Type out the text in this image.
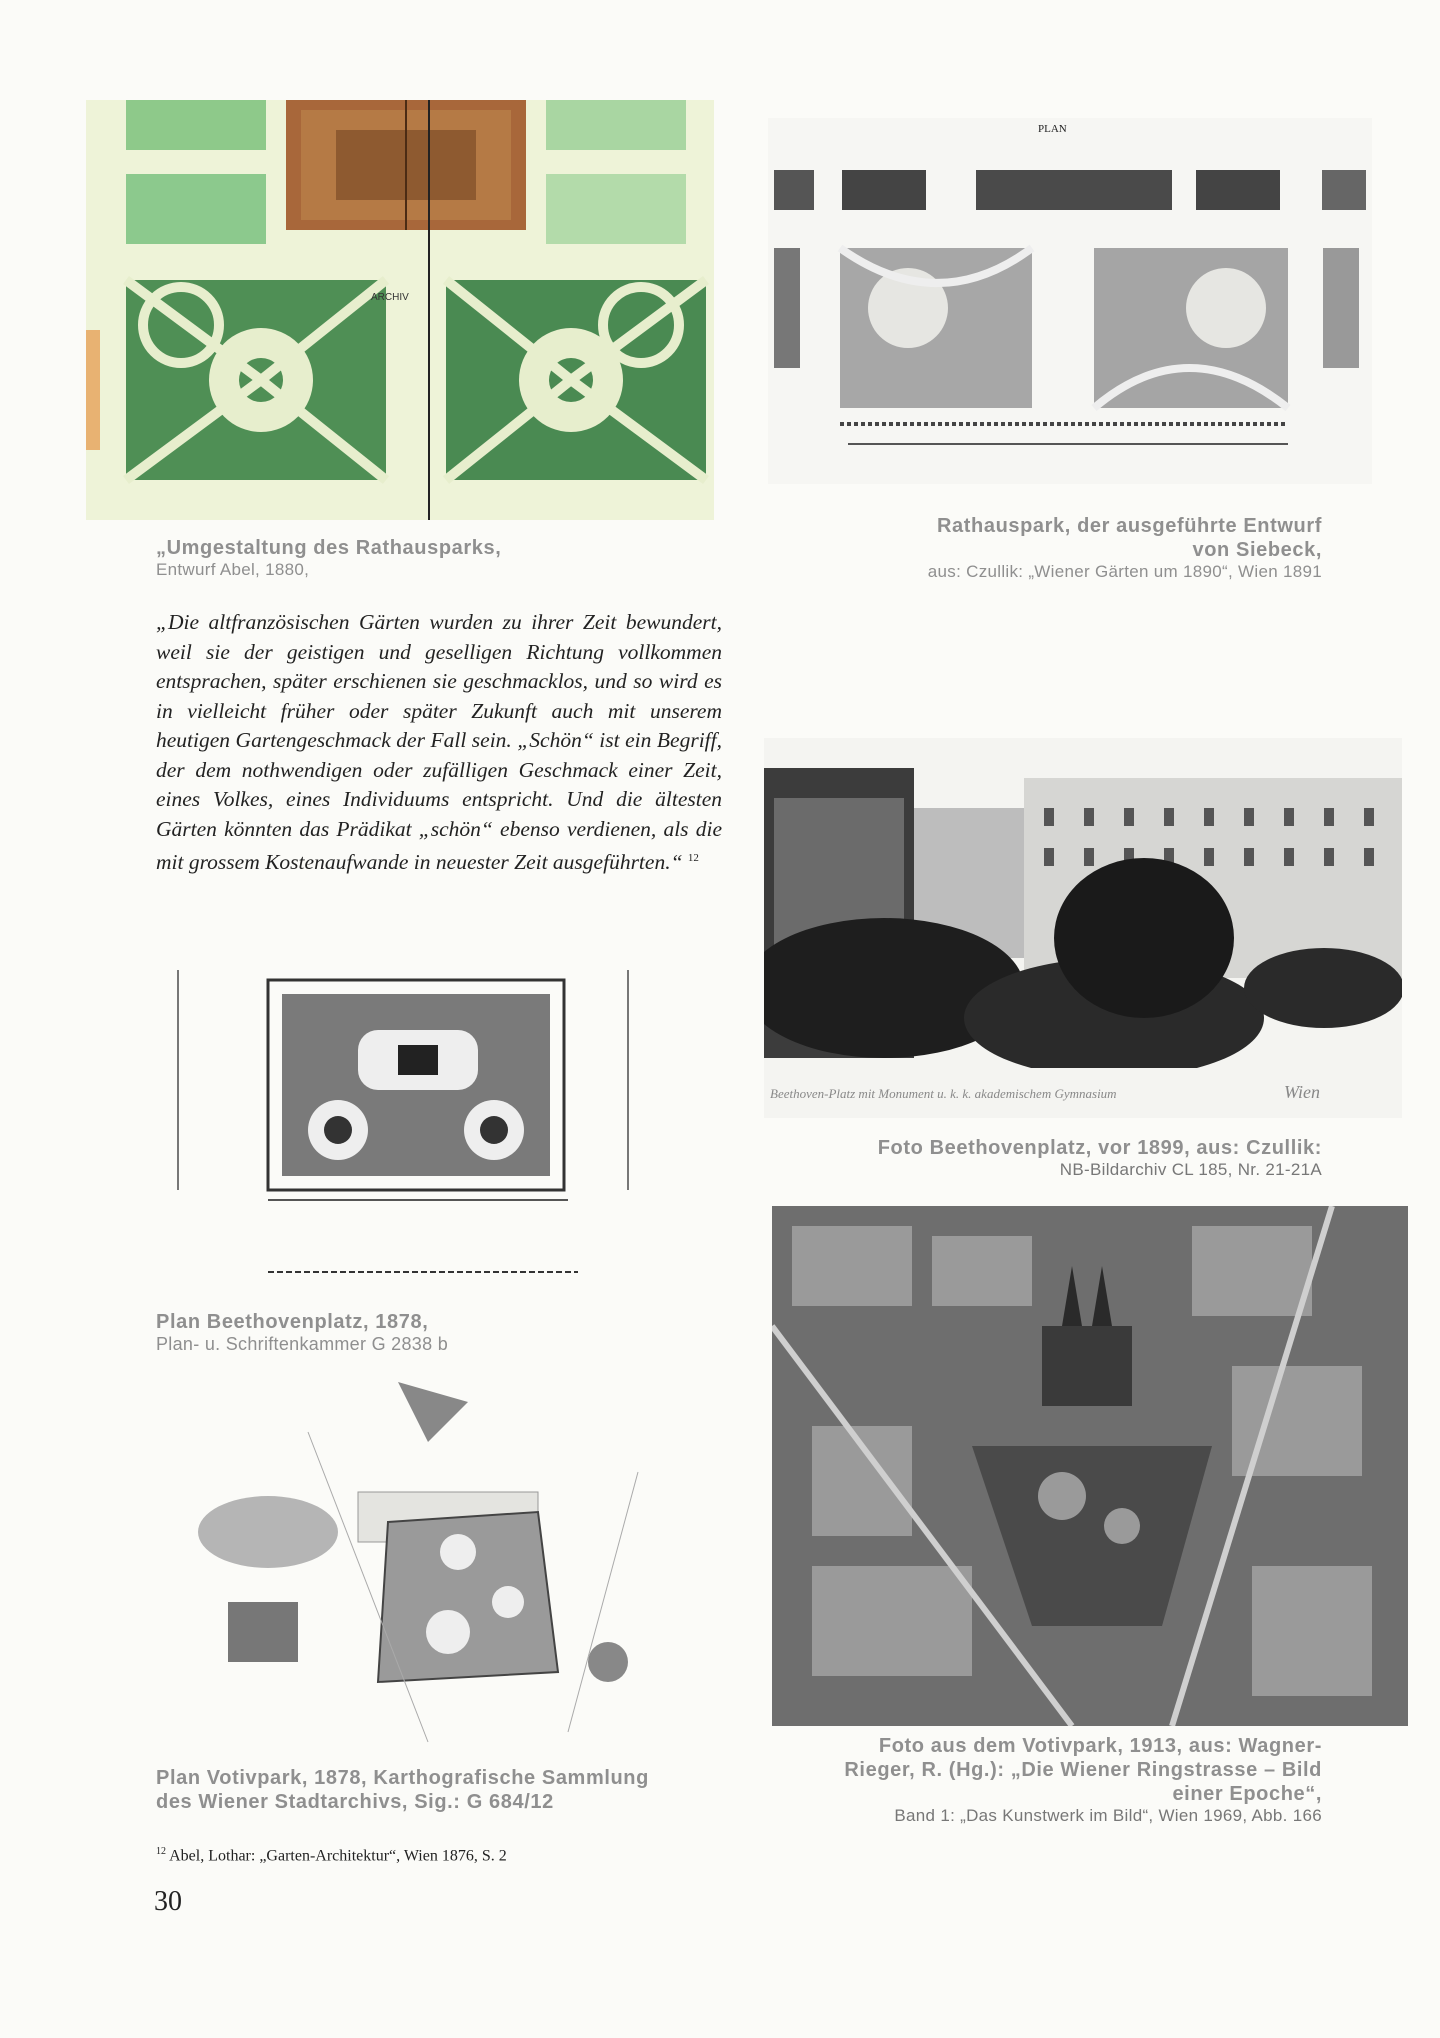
ARCHIV
„Umgestaltung des Rathausparks,
Entwurf Abel, 1880,
PLAN
Rathauspark, der ausgeführte Entwurf
von Siebeck,
aus: Czullik: „Wiener Gärten um 1890“, Wien 1891
„Die altfranzösischen Gärten wurden zu ihrer Zeit bewundert, weil sie der geistigen und geselligen Richtung vollkommen entsprachen, später erschienen sie geschmacklos, und so wird es in vielleicht früher oder später Zukunft auch mit unserem heutigen Gartengeschmack der Fall sein. „Schön“ ist ein Begriff, der dem nothwendigen oder zufälligen Geschmack einer Zeit, eines Volkes, eines Individuums entspricht. Und die ältesten Gärten könnten das Prädikat „schön“ ebenso verdienen, als die mit grossem Kostenaufwande in neuester Zeit ausgeführten.“ $^{12}$
Beethoven-Platz mit Monument u. k. k. akademischem Gymnasium	Wien
Foto Beethovenplatz, vor 1899, aus: Czullik:
NB-Bildarchiv CL 185, Nr. 21-21A
Plan Beethovenplatz, 1878,
Plan- u. Schriftenkammer G 2838 b
Plan Votivpark, 1878, Karthografische Sammlung
des Wiener Stadtarchivs, Sig.: G 684/12
Foto aus dem Votivpark, 1913, aus: Wagner-
Rieger, R. (Hg.): „Die Wiener Ringstrasse – Bild
einer Epoche“,
Band 1: „Das Kunstwerk im Bild“, Wien 1969, Abb. 166
$^{12}$ Abel, Lothar: „Garten-Architektur“, Wien 1876, S. 2
30
